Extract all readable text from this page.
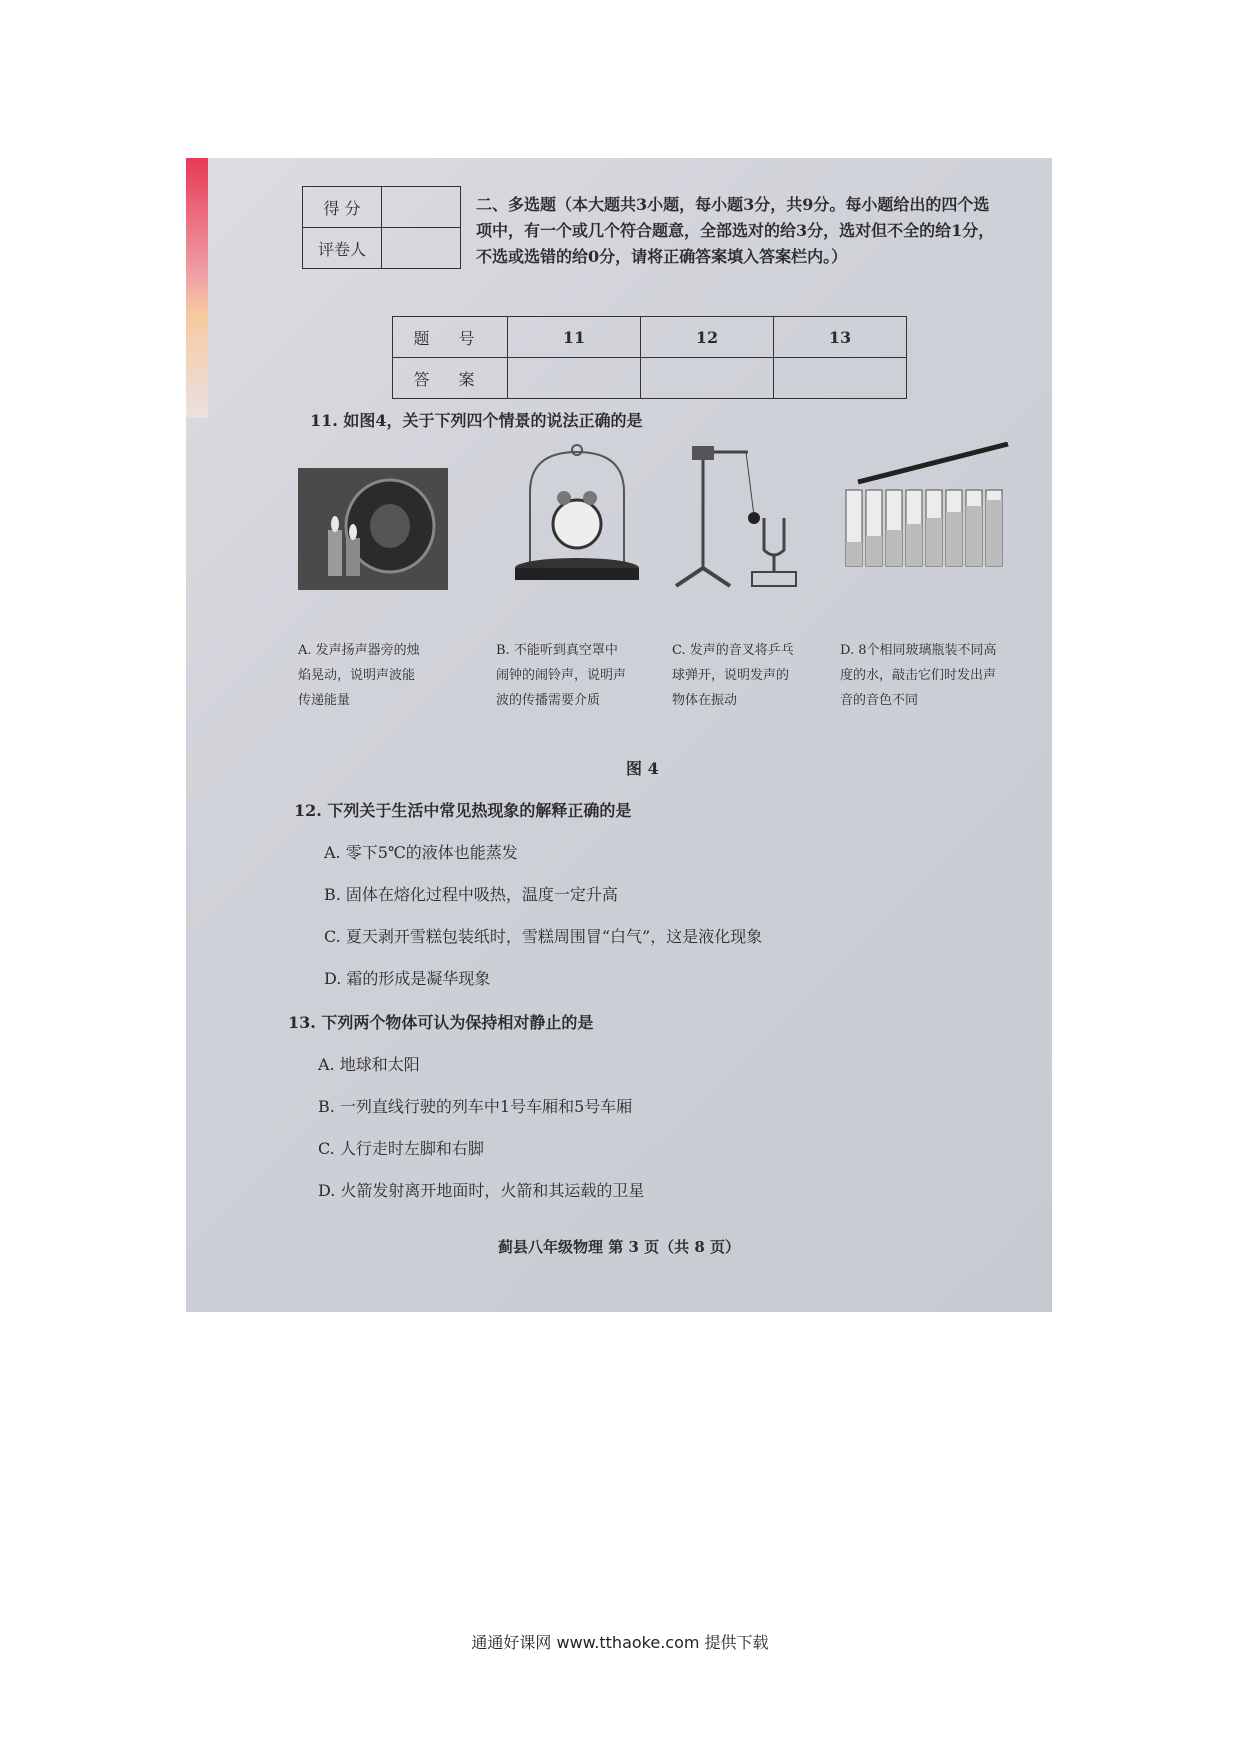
得 分	
评卷人	
二、多选题（本大题共3小题，每小题3分，共9分。每小题给出的四个选项中，有一个或几个符合题意，全部选对的给3分，选对但不全的给1分，不选或选错的给0分，请将正确答案填入答案栏内。）
题 号	11	12	13
答 案			
11. 如图4，关于下列四个情景的说法正确的是
A. 发声扬声器旁的烛焰晃动，说明声波能传递能量
B. 不能听到真空罩中闹钟的闹铃声，说明声波的传播需要介质
C. 发声的音叉将乒乓球弹开，说明发声的物体在振动
D. 8个相同玻璃瓶装不同高度的水，敲击它们时发出声音的音色不同
图 4
12. 下列关于生活中常见热现象的解释正确的是
A. 零下5℃的液体也能蒸发
B. 固体在熔化过程中吸热，温度一定升高
C. 夏天剥开雪糕包装纸时，雪糕周围冒“白气”，这是液化现象
D. 霜的形成是凝华现象
13. 下列两个物体可认为保持相对静止的是
A. 地球和太阳
B. 一列直线行驶的列车中1号车厢和5号车厢
C. 人行走时左脚和右脚
D. 火箭发射离开地面时，火箭和其运载的卫星
蓟县八年级物理 第 3 页（共 8 页）
通通好课网 www.tthaoke.com 提供下载
